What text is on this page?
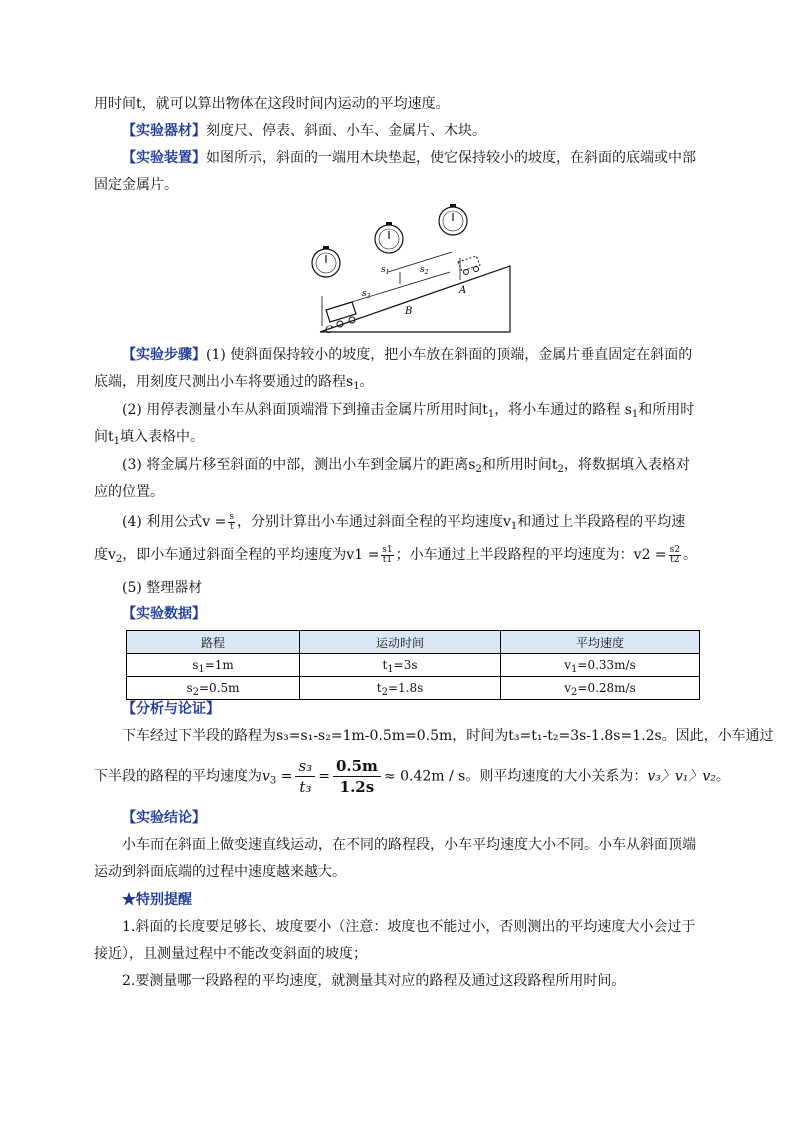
用时间t，就可以算出物体在这段时间内运动的平均速度。
【实验器材】刻度尺、停表、斜面、小车、金属片、木块。
【实验装置】如图所示，斜面的一端用木块垫起，使它保持较小的坡度，在斜面的底端或中部
固定金属片。
$s_1$	$s_2$
$s_3$
A
B
C
【实验步骤】(1) 使斜面保持较小的坡度，把小车放在斜面的顶端，金属片垂直固定在斜面的
底端，用刻度尺测出小车将要通过的路程$s_1$。
(2) 用停表测量小车从斜面顶端滑下到撞击金属片所用时间$t_1$，将小车通过的路程 $s_1$和所用时
间$t_1$填入表格中。
(3) 将金属片移至斜面的中部，测出小车到金属片的距离$s_2$和所用时间$t_2$，将数据填入表格对
应的位置。
(4) 利用公式$v = \frac{s}{t}$ ，分别计算出小车通过斜面全程的平均速度$v_1$和通过上半段路程的平均速
度$v_2$，即小车通过斜面全程的平均速度为$v1 = \frac{s1}{t1}$ ；小车通过上半段路程的平均速度为：$v2 = \frac{s2}{t2}$ 。
(5) 整理器材
【实验数据】
路程	运动时间	平均速度
$s_1=1m$	$t_1=3s$	$v_1=0.33m/s$
$s_2=0.5m$	$t_2=1.8s$	$v_2=0.28m/s$
【分析与论证】
下车经过下半段的路程为s₃=s₁-s₂=1m-0.5m=0.5m，时间为t₃=t₁-t₂=3s-1.8s=1.2s。因此，小车通过
下半段的路程的平均速度为$v_3 = \frac{\text{s₃}}{\text{t₃}} = \frac{0.5m}{1.2s} \approx 0.42m / s$。则平均速度的大小关系为：v₃〉v₁〉v₂。
【实验结论】
小车而在斜面上做变速直线运动，在不同的路程段，小车平均速度大小不同。小车从斜面顶端
运动到斜面底端的过程中速度越来越大。
★特别提醒
1.斜面的长度要足够长、坡度要小（注意：坡度也不能过小，否则测出的平均速度大小会过于
接近），且测量过程中不能改变斜面的坡度；
2.要测量哪一段路程的平均速度，就测量其对应的路程及通过这段路程所用时间。
